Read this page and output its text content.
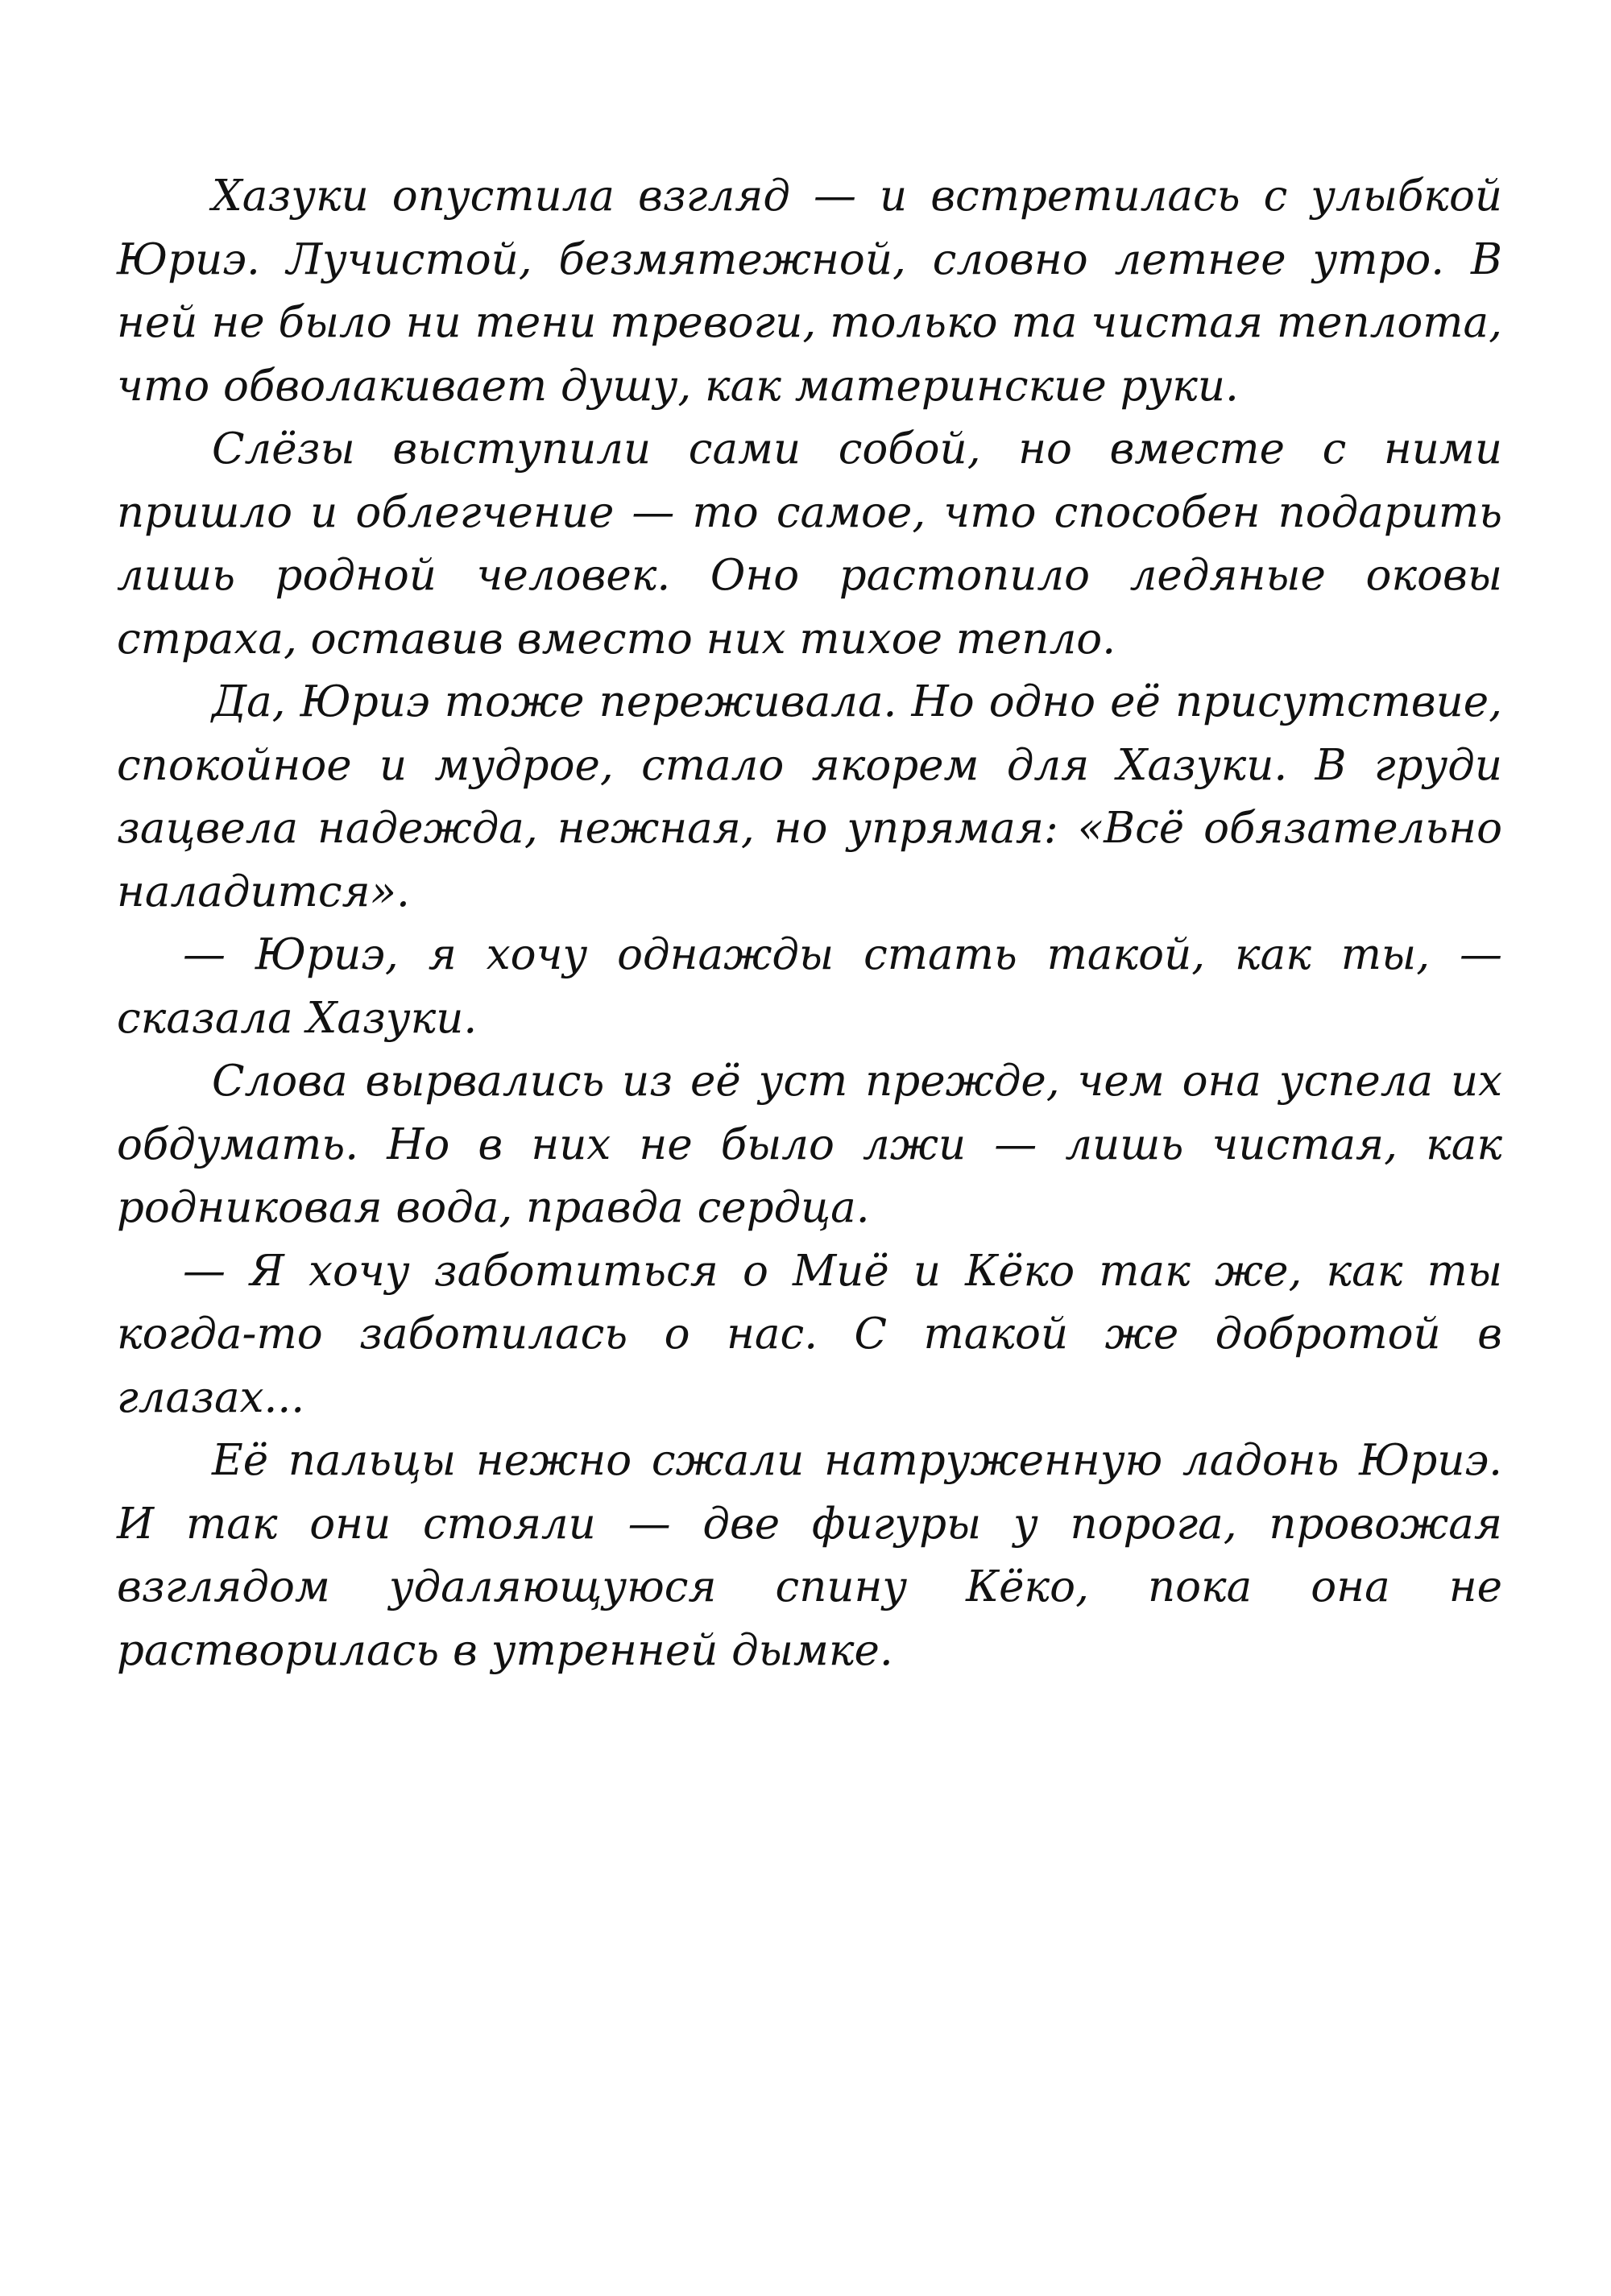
Хазуки опустила взгляд — и встретилась с улыбкой Юриэ. Лучистой, безмятежной, словно летнее утро. В ней не было ни тени тревоги, только та чистая теплота, что обволакивает душу, как материнские руки.

Слёзы выступили сами собой, но вместе с ними пришло и облегчение — то самое, что способен подарить лишь родной человек. Оно растопило ледяные оковы страха, оставив вместо них тихое тепло.

Да, Юриэ тоже переживала. Но одно её присутствие, спокойное и мудрое, стало якорем для Хазуки. В груди зацвела надежда, нежная, но упрямая: «Всё обязательно наладится».

— Юриэ, я хочу однажды стать такой, как ты, — сказала Хазуки.

Слова вырвались из её уст прежде, чем она успела их обдумать. Но в них не было лжи — лишь чистая, как родниковая вода, правда сердца.

— Я хочу заботиться о Миё и Кёко так же, как ты когда-то заботилась о нас. С такой же добротой в глазах...

Её пальцы нежно сжали натруженную ладонь Юриэ. И так они стояли — две фигуры у порога, провожая взглядом удаляющуюся спину Кёко, пока она не растворилась в утренней дымке.
